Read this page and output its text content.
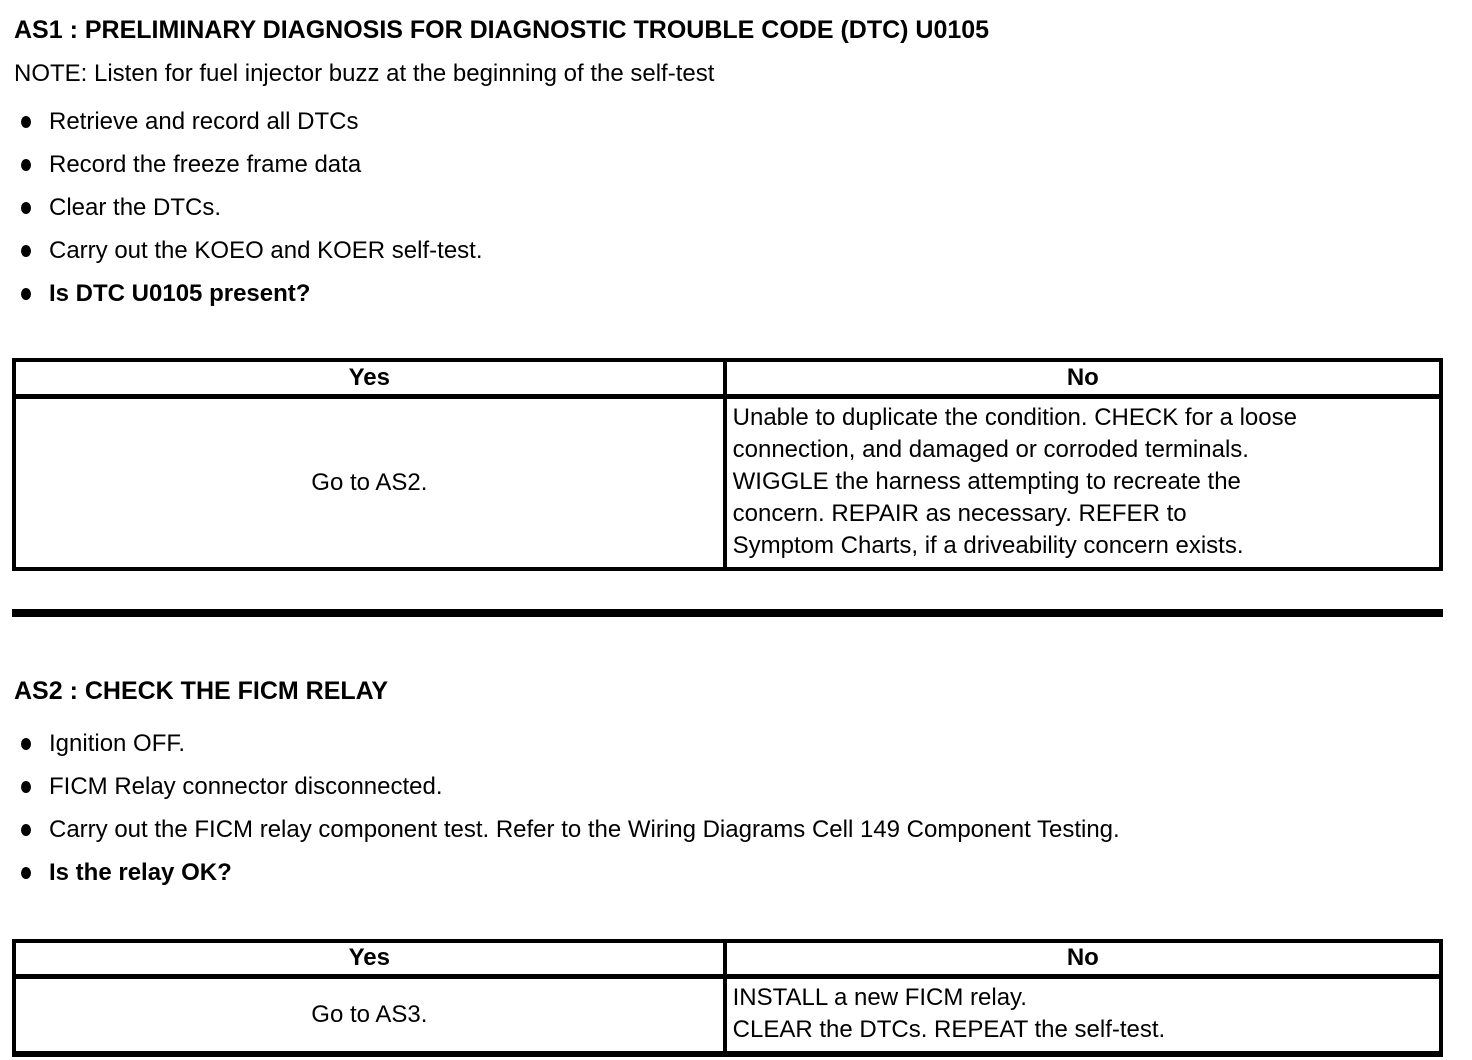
AS1 : PRELIMINARY DIAGNOSIS FOR DIAGNOSTIC TROUBLE CODE (DTC) U0105
NOTE: Listen for fuel injector buzz at the beginning of the self-test
Retrieve and record all DTCs
Record the freeze frame data
Clear the DTCs.
Carry out the KOEO and KOER self-test.
Is DTC U0105 present?
Yes	No
Go to AS2.	Unable to duplicate the condition. CHECK for a loose
connection, and damaged or corroded terminals.
WIGGLE the harness attempting to recreate the
concern. REPAIR as necessary. REFER to
Symptom Charts, if a driveability concern exists.
AS2 : CHECK THE FICM RELAY
Ignition OFF.
FICM Relay connector disconnected.
Carry out the FICM relay component test. Refer to the Wiring Diagrams Cell 149 Component Testing.
Is the relay OK?
Yes	No
Go to AS3.	INSTALL a new FICM relay.
CLEAR the DTCs. REPEAT the self-test.
